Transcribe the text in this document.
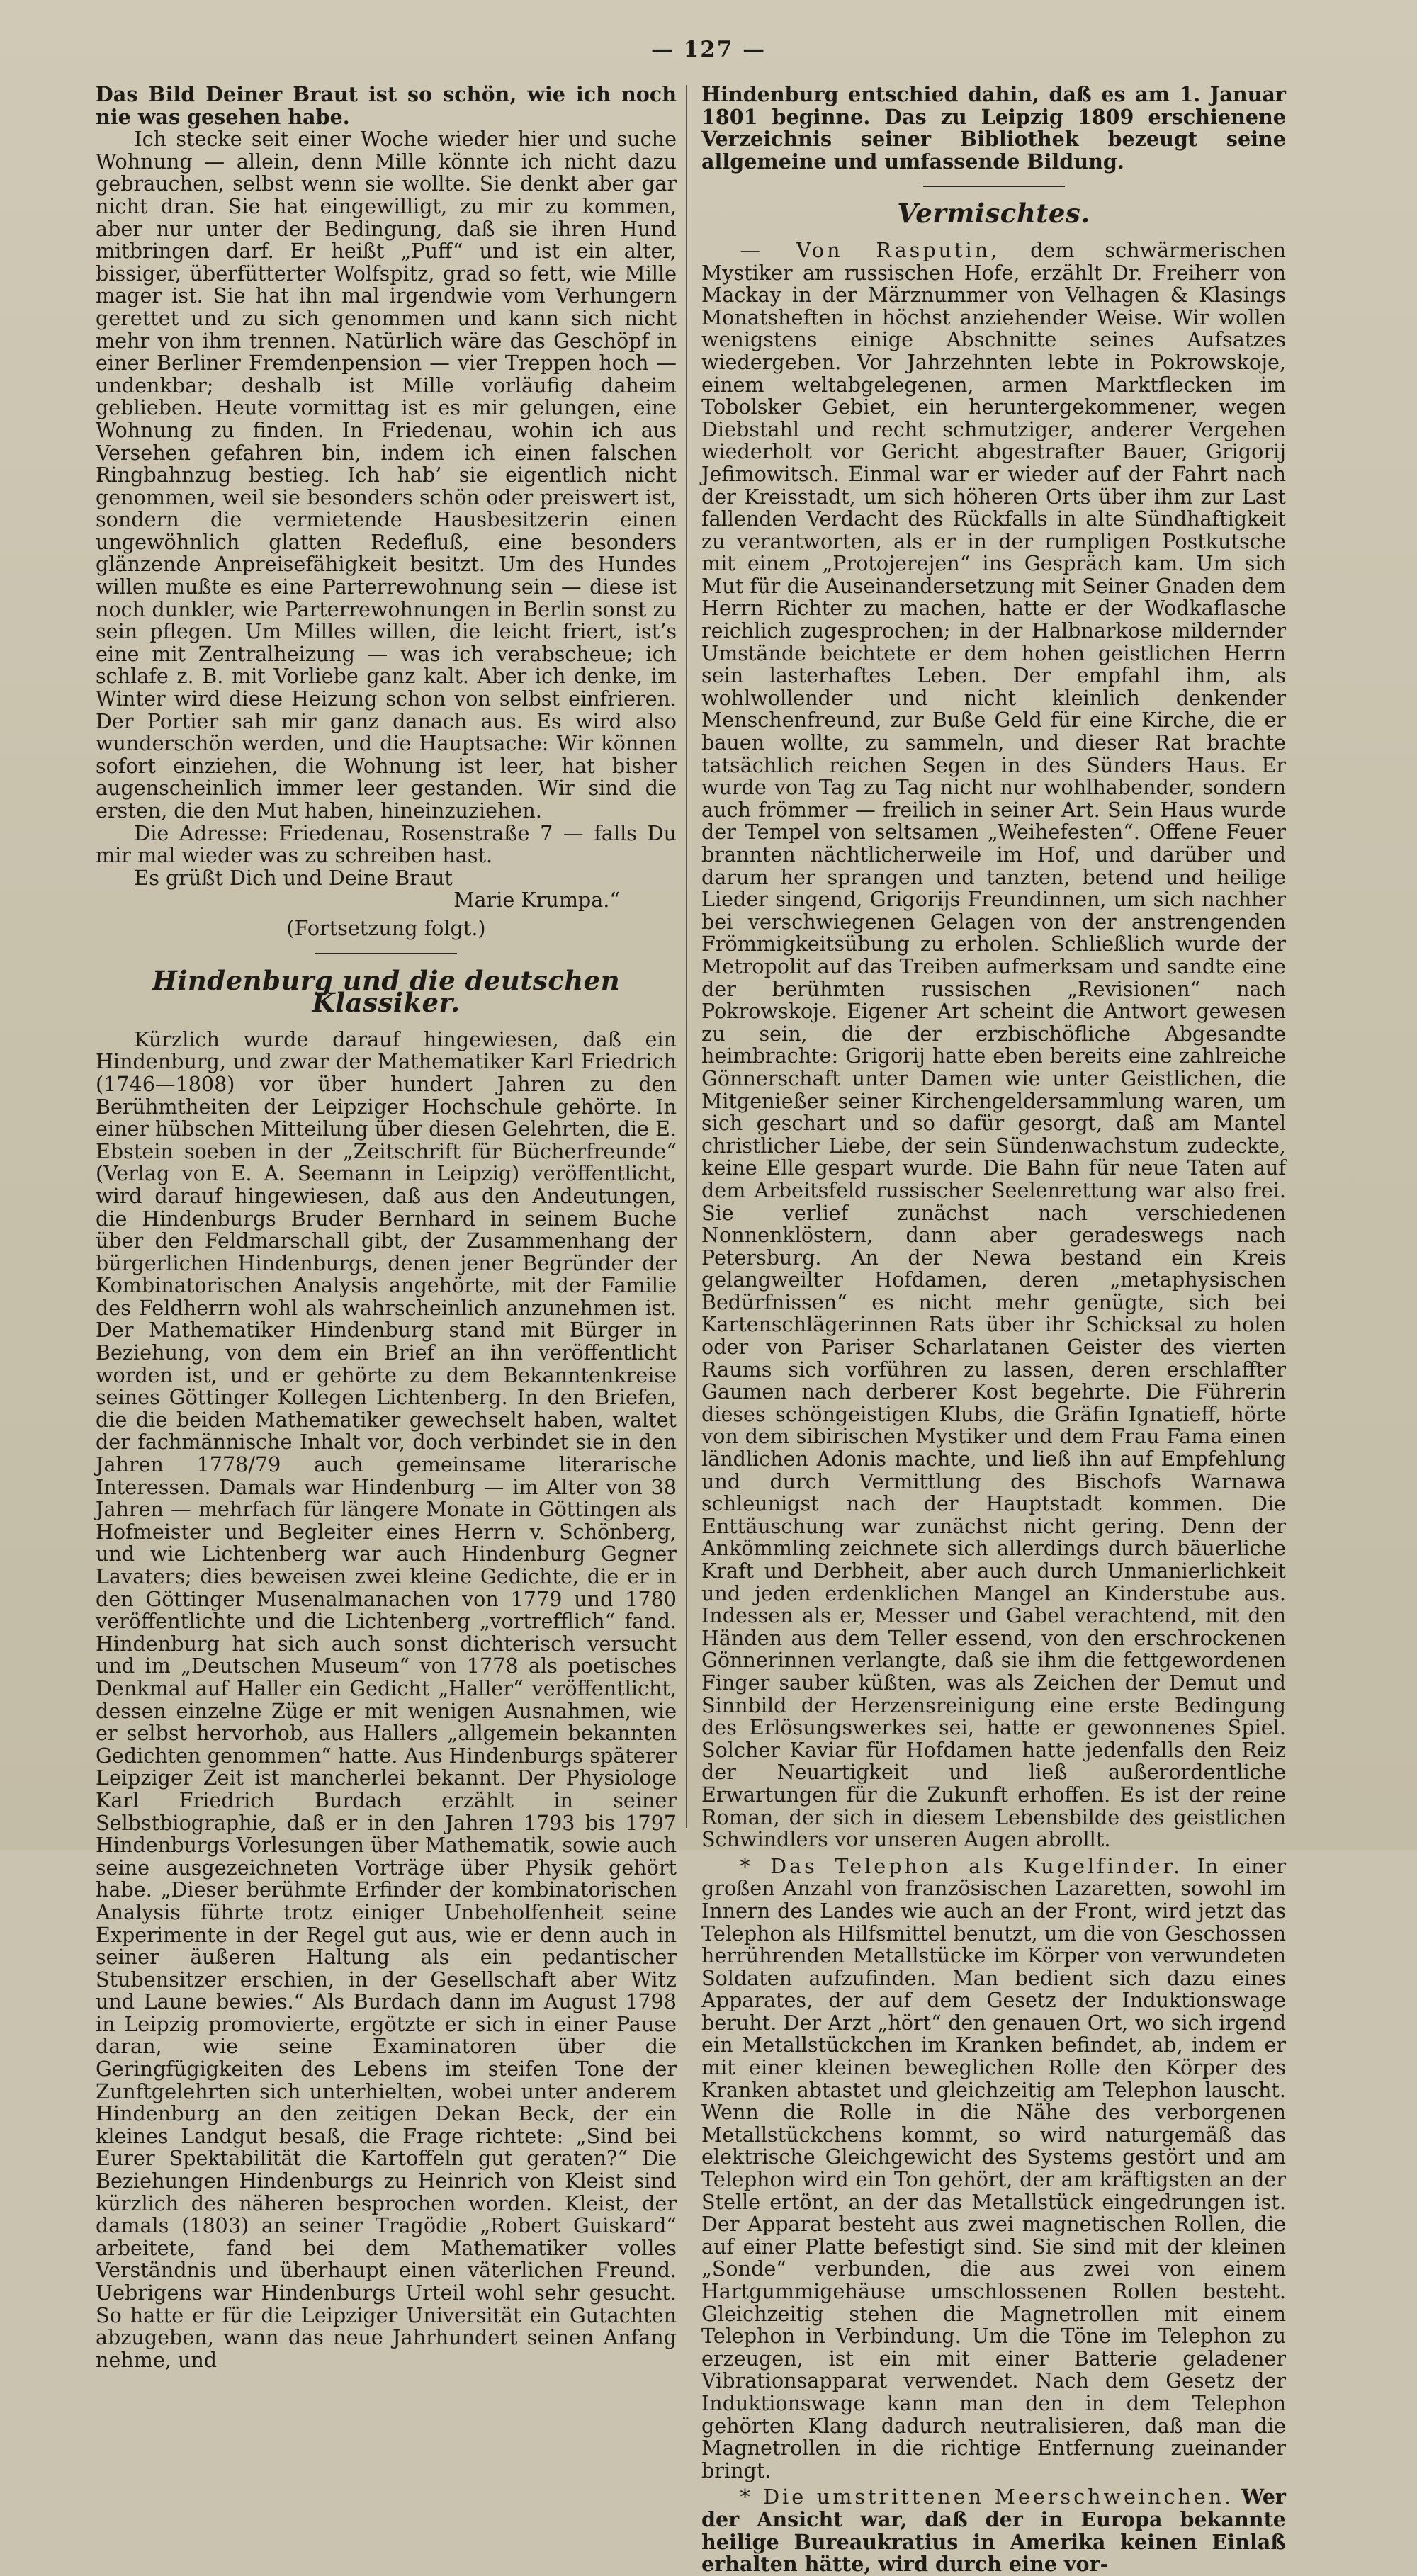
— 127 —

Das Bild Deiner Braut ist so schön, wie ich noch nie was gesehen habe.

Ich stecke seit einer Woche wieder hier und suche Wohnung — allein, denn Mille könnte ich nicht dazu gebrauchen, selbst wenn sie wollte. Sie denkt aber gar nicht dran. Sie hat eingewilligt, zu mir zu kommen, aber nur unter der Bedingung, daß sie ihren Hund mitbringen darf. Er heißt „Puff“ und ist ein alter, bissiger, überfütterter Wolfspitz, grad so fett, wie Mille mager ist. Sie hat ihn mal irgendwie vom Verhungern gerettet und zu sich genommen und kann sich nicht mehr von ihm trennen. Natürlich wäre das Geschöpf in einer Berliner Fremdenpension — vier Treppen hoch — undenkbar; deshalb ist Mille vorläufig daheim geblieben. Heute vormittag ist es mir gelungen, eine Wohnung zu finden. In Friedenau, wohin ich aus Versehen gefahren bin, indem ich einen falschen Ringbahnzug bestieg. Ich hab’ sie eigentlich nicht genommen, weil sie besonders schön oder preiswert ist, sondern die vermietende Hausbesitzerin einen ungewöhnlich glatten Redefluß, eine besonders glänzende Anpreisefähigkeit besitzt. Um des Hundes willen mußte es eine Parterrewohnung sein — diese ist noch dunkler, wie Parterrewohnungen in Berlin sonst zu sein pflegen. Um Milles willen, die leicht friert, ist’s eine mit Zentralheizung — was ich verabscheue; ich schlafe z. B. mit Vorliebe ganz kalt. Aber ich denke, im Winter wird diese Heizung schon von selbst einfrieren. Der Portier sah mir ganz danach aus. Es wird also wunderschön werden, und die Hauptsache: Wir können sofort einziehen, die Wohnung ist leer, hat bisher augenscheinlich immer leer gestanden. Wir sind die ersten, die den Mut haben, hineinzuziehen.

Die Adresse: Friedenau, Rosenstraße 7 — falls Du mir mal wieder was zu schreiben hast.

Es grüßt Dich und Deine Braut

Marie Krumpa.“

(Fortsetzung folgt.)

Hindenburg und die deutschen Klassiker.

Kürzlich wurde darauf hingewiesen, daß ein Hindenburg, und zwar der Mathematiker Karl Friedrich (1746—1808) vor über hundert Jahren zu den Berühmtheiten der Leipziger Hochschule gehörte. In einer hübschen Mitteilung über diesen Gelehrten, die E. Ebstein soeben in der „Zeitschrift für Bücherfreunde“ (Verlag von E. A. Seemann in Leipzig) veröffentlicht, wird darauf hingewiesen, daß aus den Andeutungen, die Hindenburgs Bruder Bernhard in seinem Buche über den Feldmarschall gibt, der Zusammenhang der bürgerlichen Hindenburgs, denen jener Begründer der Kombinatorischen Analysis angehörte, mit der Familie des Feldherrn wohl als wahrscheinlich anzunehmen ist. Der Mathematiker Hindenburg stand mit Bürger in Beziehung, von dem ein Brief an ihn veröffentlicht worden ist, und er gehörte zu dem Bekanntenkreise seines Göttinger Kollegen Lichtenberg. In den Briefen, die die beiden Mathematiker gewechselt haben, waltet der fachmännische Inhalt vor, doch verbindet sie in den Jahren 1778/79 auch gemeinsame literarische Interessen. Damals war Hindenburg — im Alter von 38 Jahren — mehrfach für längere Monate in Göttingen als Hofmeister und Begleiter eines Herrn v. Schönberg, und wie Lichtenberg war auch Hindenburg Gegner Lavaters; dies beweisen zwei kleine Gedichte, die er in den Göttinger Musenalmanachen von 1779 und 1780 veröffentlichte und die Lichtenberg „vortrefflich“ fand. Hindenburg hat sich auch sonst dichterisch versucht und im „Deutschen Museum“ von 1778 als poetisches Denkmal auf Haller ein Gedicht „Haller“ veröffentlicht, dessen einzelne Züge er mit wenigen Ausnahmen, wie er selbst hervorhob, aus Hallers „allgemein bekannten Gedichten genommen“ hatte. Aus Hindenburgs späterer Leipziger Zeit ist mancherlei bekannt. Der Physiologe Karl Friedrich Burdach erzählt in seiner Selbstbiographie, daß er in den Jahren 1793 bis 1797 Hindenburgs Vorlesungen über Mathematik, sowie auch seine ausgezeichneten Vorträge über Physik gehört habe. „Dieser berühmte Erfinder der kombinatorischen Analysis führte trotz einiger Unbeholfenheit seine Experimente in der Regel gut aus, wie er denn auch in seiner äußeren Haltung als ein pedantischer Stubensitzer erschien, in der Gesellschaft aber Witz und Laune bewies.“ Als Burdach dann im August 1798 in Leipzig promovierte, ergötzte er sich in einer Pause daran, wie seine Examinatoren über die Geringfügigkeiten des Lebens im steifen Tone der Zunftgelehrten sich unterhielten, wobei unter anderem Hindenburg an den zeitigen Dekan Beck, der ein kleines Landgut besaß, die Frage richtete: „Sind bei Eurer Spektabilität die Kartoffeln gut geraten?“ Die Beziehungen Hindenburgs zu Heinrich von Kleist sind kürzlich des näheren besprochen worden. Kleist, der damals (1803) an seiner Tragödie „Robert Guiskard“ arbeitete, fand bei dem Mathematiker volles Verständnis und überhaupt einen väterlichen Freund. Uebrigens war Hindenburgs Urteil wohl sehr gesucht. So hatte er für die Leipziger Universität ein Gutachten abzugeben, wann das neue Jahrhundert seinen Anfang nehme, und

Hindenburg entschied dahin, daß es am 1. Januar 1801 beginne. Das zu Leipzig 1809 erschienene Verzeichnis seiner Bibliothek bezeugt seine allgemeine und umfassende Bildung.

Vermischtes.

— Von Rasputin, dem schwärmerischen Mystiker am russischen Hofe, erzählt Dr. Freiherr von Mackay in der Märznummer von Velhagen & Klasings Monatsheften in höchst anziehender Weise. Wir wollen wenigstens einige Abschnitte seines Aufsatzes wiedergeben. Vor Jahrzehnten lebte in Pokrowskoje, einem weltabgelegenen, armen Marktflecken im Tobolsker Gebiet, ein heruntergekommener, wegen Diebstahl und recht schmutziger, anderer Vergehen wiederholt vor Gericht abgestrafter Bauer, Grigorij Jefimowitsch. Einmal war er wieder auf der Fahrt nach der Kreisstadt, um sich höheren Orts über ihm zur Last fallenden Verdacht des Rückfalls in alte Sündhaftigkeit zu verantworten, als er in der rumpligen Postkutsche mit einem „Protojerejen“ ins Gespräch kam. Um sich Mut für die Auseinandersetzung mit Seiner Gnaden dem Herrn Richter zu machen, hatte er der Wodkaflasche reichlich zugesprochen; in der Halbnarkose mildernder Umstände beichtete er dem hohen geistlichen Herrn sein lasterhaftes Leben. Der empfahl ihm, als wohlwollender und nicht kleinlich denkender Menschenfreund, zur Buße Geld für eine Kirche, die er bauen wollte, zu sammeln, und dieser Rat brachte tatsächlich reichen Segen in des Sünders Haus. Er wurde von Tag zu Tag nicht nur wohlhabender, sondern auch frömmer — freilich in seiner Art. Sein Haus wurde der Tempel von seltsamen „Weihefesten“. Offene Feuer brannten nächtlicherweile im Hof, und darüber und darum her sprangen und tanzten, betend und heilige Lieder singend, Grigorijs Freundinnen, um sich nachher bei verschwiegenen Gelagen von der anstrengenden Frömmigkeitsübung zu erholen. Schließlich wurde der Metropolit auf das Treiben aufmerksam und sandte eine der berühmten russischen „Revisionen“ nach Pokrowskoje. Eigener Art scheint die Antwort gewesen zu sein, die der erzbischöfliche Abgesandte heimbrachte: Grigorij hatte eben bereits eine zahlreiche Gönnerschaft unter Damen wie unter Geistlichen, die Mitgenießer seiner Kirchengeldersammlung waren, um sich geschart und so dafür gesorgt, daß am Mantel christlicher Liebe, der sein Sündenwachstum zudeckte, keine Elle gespart wurde. Die Bahn für neue Taten auf dem Arbeitsfeld russischer Seelenrettung war also frei. Sie verlief zunächst nach verschiedenen Nonnenklöstern, dann aber geradeswegs nach Petersburg. An der Newa bestand ein Kreis gelangweilter Hofdamen, deren „metaphysischen Bedürfnissen“ es nicht mehr genügte, sich bei Kartenschlägerinnen Rats über ihr Schicksal zu holen oder von Pariser Scharlatanen Geister des vierten Raums sich vorführen zu lassen, deren erschlaffter Gaumen nach derberer Kost begehrte. Die Führerin dieses schöngeistigen Klubs, die Gräfin Ignatieff, hörte von dem sibirischen Mystiker und dem Frau Fama einen ländlichen Adonis machte, und ließ ihn auf Empfehlung und durch Vermittlung des Bischofs Warnawa schleunigst nach der Hauptstadt kommen. Die Enttäuschung war zunächst nicht gering. Denn der Ankömmling zeichnete sich allerdings durch bäuerliche Kraft und Derbheit, aber auch durch Unmanierlichkeit und jeden erdenklichen Mangel an Kinderstube aus. Indessen als er, Messer und Gabel verachtend, mit den Händen aus dem Teller essend, von den erschrockenen Gönnerinnen verlangte, daß sie ihm die fettgewordenen Finger sauber küßten, was als Zeichen der Demut und Sinnbild der Herzensreinigung eine erste Bedingung des Erlösungswerkes sei, hatte er gewonnenes Spiel. Solcher Kaviar für Hofdamen hatte jedenfalls den Reiz der Neuartigkeit und ließ außerordentliche Erwartungen für die Zukunft erhoffen. Es ist der reine Roman, der sich in diesem Lebensbilde des geistlichen Schwindlers vor unseren Augen abrollt.

* Das Telephon als Kugelfinder. In einer großen Anzahl von französischen Lazaretten, sowohl im Innern des Landes wie auch an der Front, wird jetzt das Telephon als Hilfsmittel benutzt, um die von Geschossen herrührenden Metallstücke im Körper von verwundeten Soldaten aufzufinden. Man bedient sich dazu eines Apparates, der auf dem Gesetz der Induktionswage beruht. Der Arzt „hört“ den genauen Ort, wo sich irgend ein Metallstückchen im Kranken befindet, ab, indem er mit einer kleinen beweglichen Rolle den Körper des Kranken abtastet und gleichzeitig am Telephon lauscht. Wenn die Rolle in die Nähe des verborgenen Metallstückchens kommt, so wird naturgemäß das elektrische Gleichgewicht des Systems gestört und am Telephon wird ein Ton gehört, der am kräftigsten an der Stelle ertönt, an der das Metallstück eingedrungen ist. Der Apparat besteht aus zwei magnetischen Rollen, die auf einer Platte befestigt sind. Sie sind mit der kleinen „Sonde“ verbunden, die aus zwei von einem Hartgummigehäuse umschlossenen Rollen besteht. Gleichzeitig stehen die Magnetrollen mit einem Telephon in Verbindung. Um die Töne im Telephon zu erzeugen, ist ein mit einer Batterie geladener Vibrationsapparat verwendet. Nach dem Gesetz der Induktionswage kann man den in dem Telephon gehörten Klang dadurch neutralisieren, daß man die Magnetrollen in die richtige Entfernung zueinander bringt.

* Die umstrittenen Meerschweinchen. Wer der Ansicht war, daß der in Europa bekannte heilige Bureaukratius in Amerika keinen Einlaß erhalten hätte, wird durch eine vor-
